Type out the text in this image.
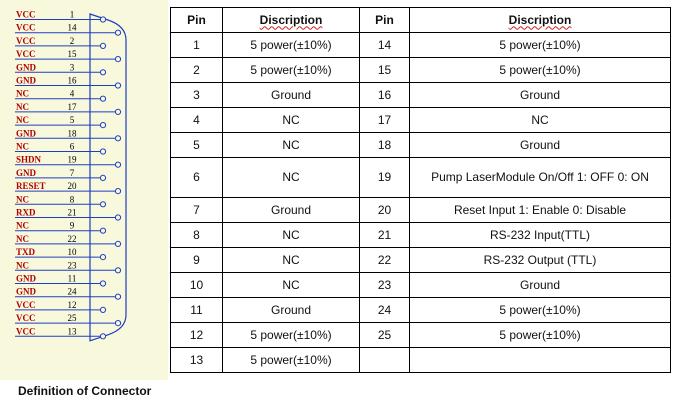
VCC	1
VCC	14
VCC	2
VCC	15
GND	3
GND	16
NC	4
NC	17
NC	5
GND	18
NC	6
SHDN	19
GND	7
RESET 20
NC	8
RXD	21
NC	9
NC	22
TXD	10
NC	23
GND	11
GND	24
VCC	12
VCC	25
VCC	13
Definition of Connector
Pin	Discription	Pin	Discription
1	5 power(±10%)	14	5 power(±10%)
2	5 power(±10%)	15	5 power(±10%)
3	Ground	16	Ground
4	NC	17	NC
5	NC	18	Ground
6	NC	19	Pump LaserModule On/Off 1: OFF 0: ON
7	Ground	20	Reset Input 1: Enable 0: Disable
8	NC	21	RS-232 Input(TTL)
9	NC	22	RS-232 Output (TTL)
10	NC	23	Ground
11	Ground	24	5 power(±10%)
12	5 power(±10%)	25	5 power(±10%)
13	5 power(±10%)		
